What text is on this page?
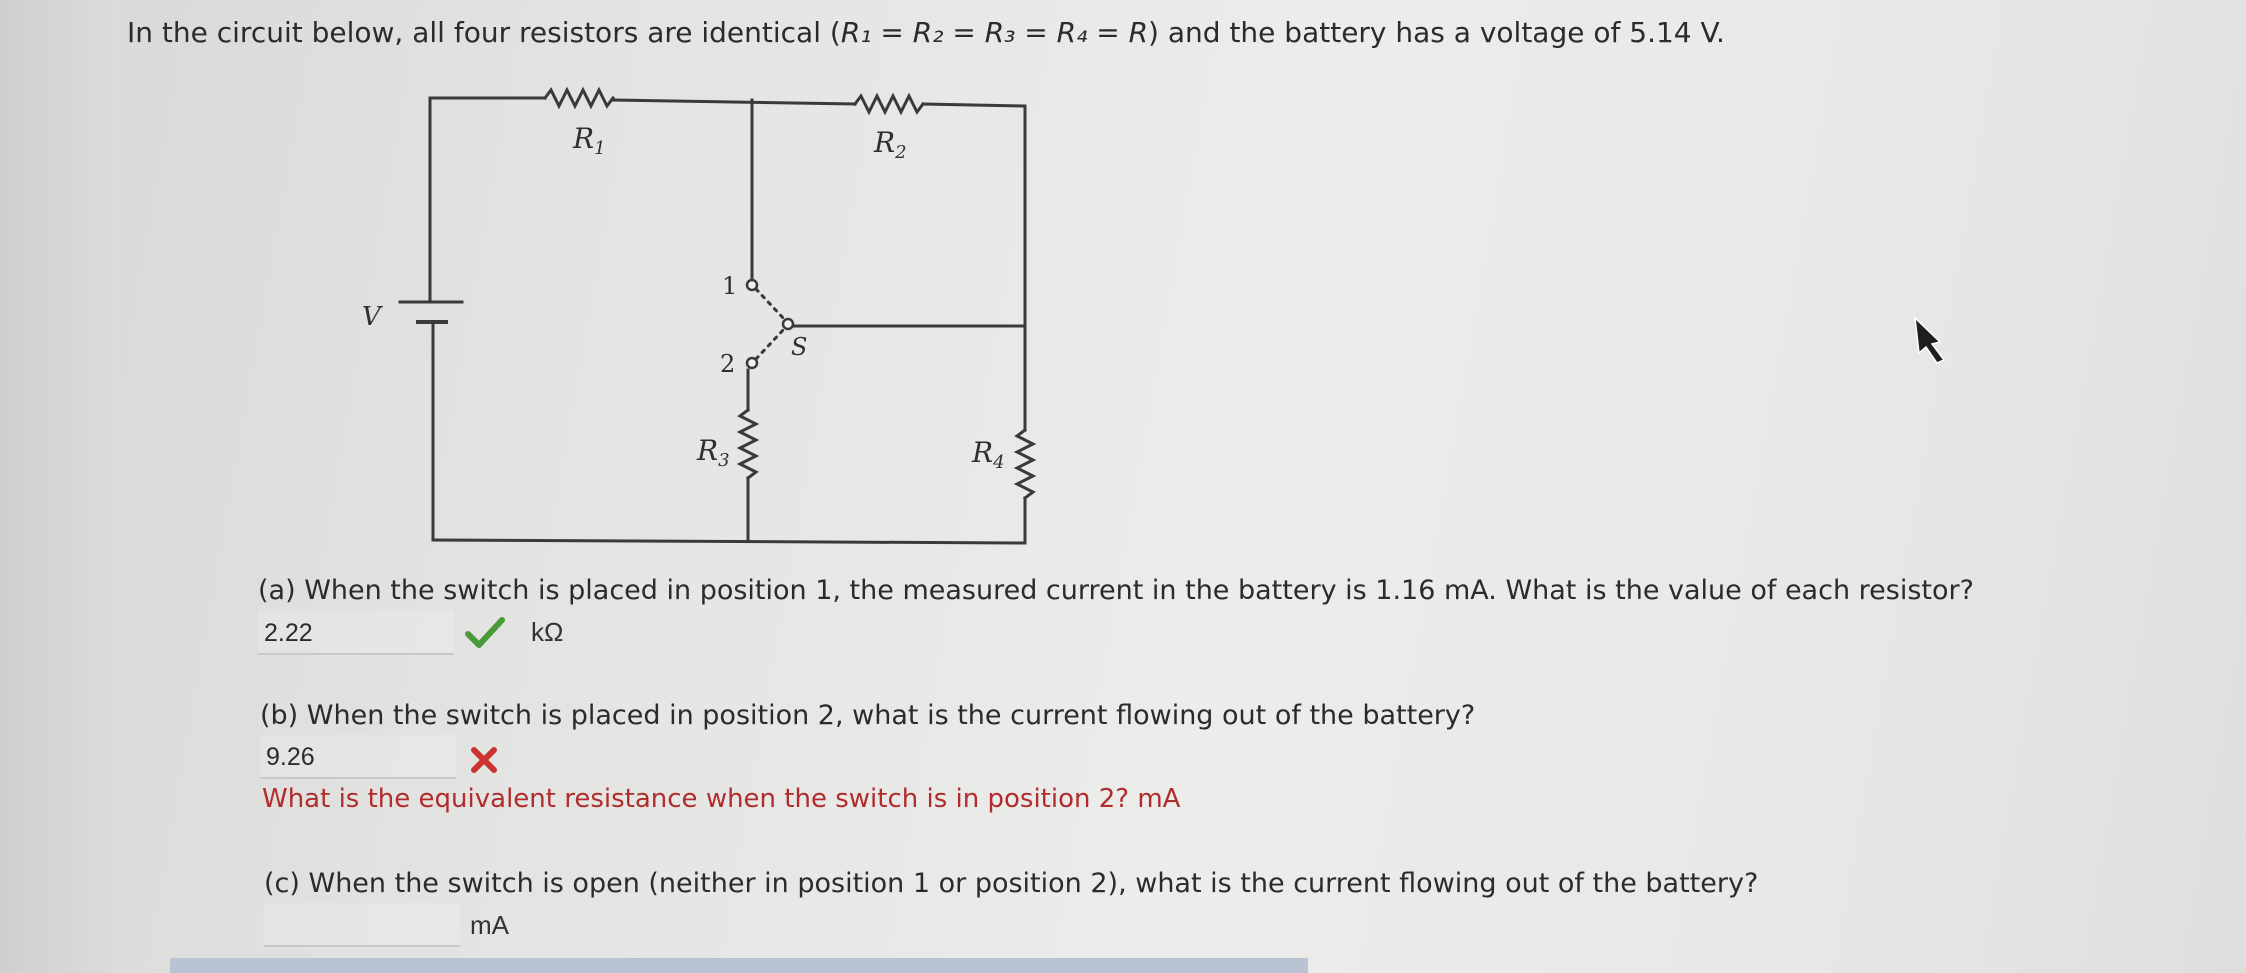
In the circuit below, all four resistors are identical (R₁ = R₂ = R₃ = R₄ = R) and the battery has a voltage of 5.14 V.
V
$R_1$	$R_2$
$R_3$	$R_4$
S
1
2
(a) When the switch is placed in position 1, the measured current in the battery is 1.16 mA. What is the value of each resistor?
2.22	kΩ
(b) When the switch is placed in position 2, what is the current flowing out of the battery?
9.26
What is the equivalent resistance when the switch is in position 2? mA
(c) When the switch is open (neither in position 1 or position 2), what is the current flowing out of the battery?
mA
